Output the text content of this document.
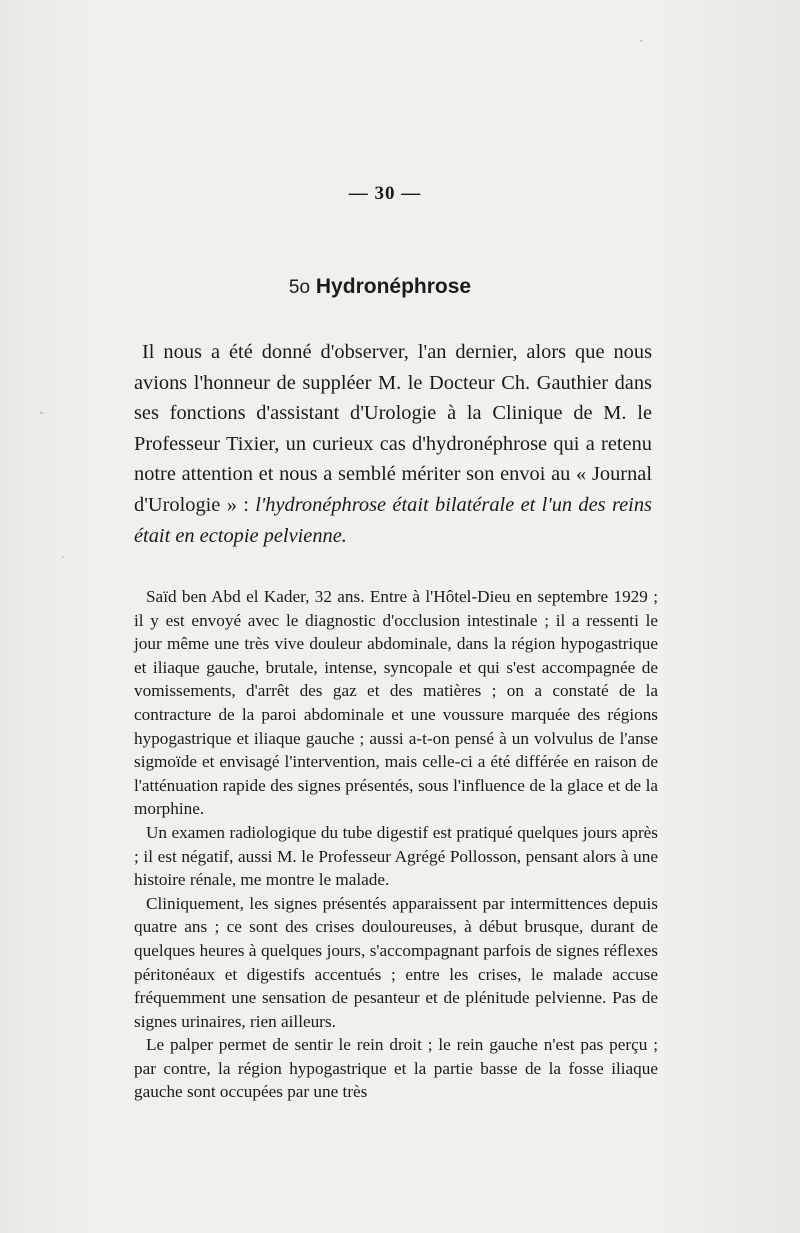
— 30 —
5o Hydronéphrose
Il nous a été donné d'observer, l'an dernier, alors que nous avions l'honneur de suppléer M. le Docteur Ch. Gauthier dans ses fonctions d'assistant d'Urologie à la Clinique de M. le Professeur Tixier, un curieux cas d'hydronéphrose qui a retenu notre attention et nous a semblé mériter son envoi au « Journal d'Urologie » : l'hydronéphrose était bilatérale et l'un des reins était en ectopie pelvienne.

Saïd ben Abd el Kader, 32 ans. Entre à l'Hôtel-Dieu en septembre 1929 ; il y est envoyé avec le diagnostic d'occlusion intestinale ; il a ressenti le jour même une très vive douleur abdominale, dans la région hypogastrique et iliaque gauche, brutale, intense, syncopale et qui s'est accompagnée de vomissements, d'arrêt des gaz et des matières ; on a constaté de la contracture de la paroi abdominale et une voussure marquée des régions hypogastrique et iliaque gauche ; aussi a-t-on pensé à un volvulus de l'anse sigmoïde et envisagé l'intervention, mais celle-ci a été différée en raison de l'atténuation rapide des signes présentés, sous l'influence de la glace et de la morphine.

Un examen radiologique du tube digestif est pratiqué quelques jours après ; il est négatif, aussi M. le Professeur Agrégé Pollosson, pensant alors à une histoire rénale, me montre le malade.

Cliniquement, les signes présentés apparaissent par intermittences depuis quatre ans ; ce sont des crises douloureuses, à début brusque, durant de quelques heures à quelques jours, s'accompagnant parfois de signes réflexes péritonéaux et digestifs accentués ; entre les crises, le malade accuse fréquemment une sensation de pesanteur et de plénitude pelvienne. Pas de signes urinaires, rien ailleurs.

Le palper permet de sentir le rein droit ; le rein gauche n'est pas perçu ; par contre, la région hypogastrique et la partie basse de la fosse iliaque gauche sont occupées par une très
